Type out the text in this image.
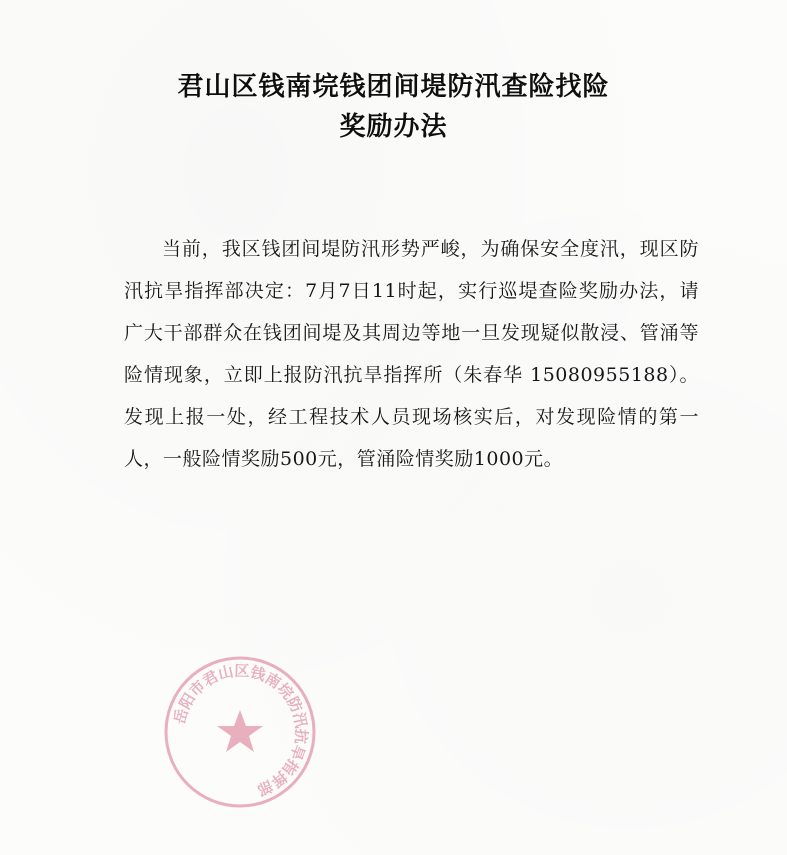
君山区钱南垸钱团间堤防汛查险找险
奖励办法
当前，我区钱团间堤防汛形势严峻，为确保安全度汛，现区防汛抗旱指挥部决定：7月7日11时起，实行巡堤查险奖励办法，请广大干部群众在钱团间堤及其周边等地一旦发现疑似散浸、管涌等险情现象，立即上报防汛抗旱指挥所（朱春华 15080955188）。发现上报一处，经工程技术人员现场核实后，对发现险情的第一人，一般险情奖励500元，管涌险情奖励1000元。
岳阳市君山区钱南垸防汛抗旱指挥部
